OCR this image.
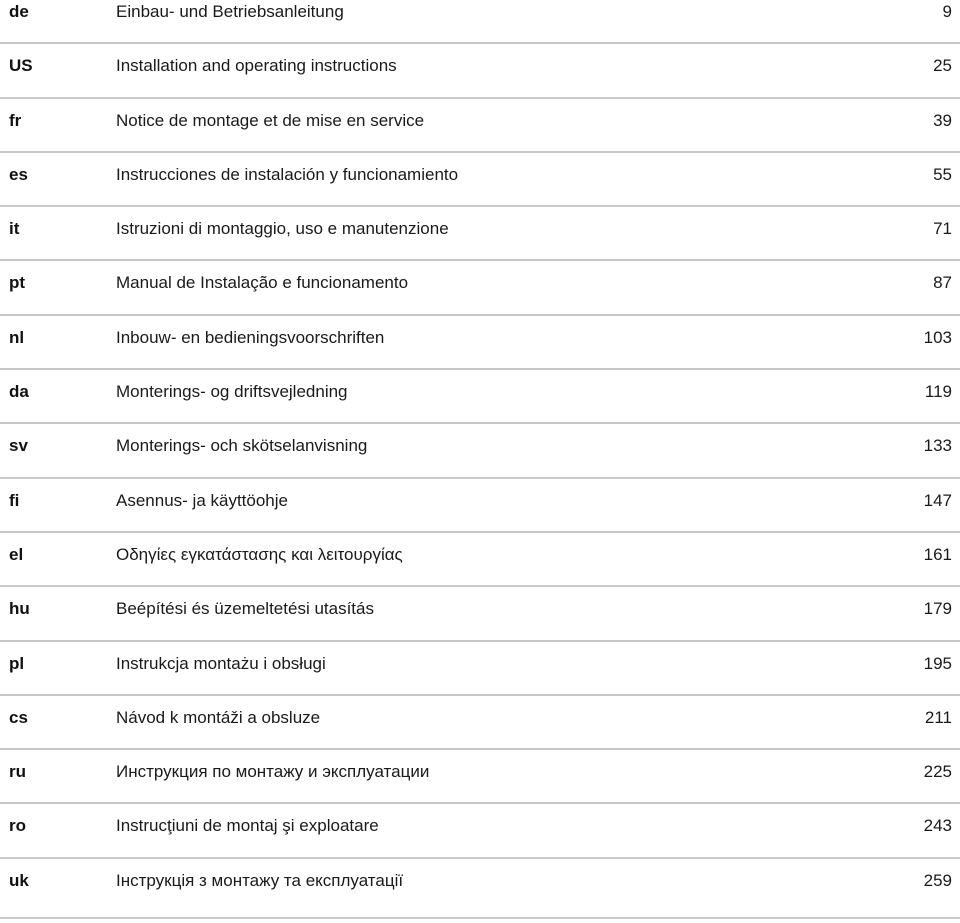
de	Einbau- und Betriebsanleitung	9
US	Installation and operating instructions	25
fr	Notice de montage et de mise en service	39
es	Instrucciones de instalación y funcionamiento	55
it	Istruzioni di montaggio, uso e manutenzione	71
pt	Manual de Instalação e funcionamento	87
nl	Inbouw- en bedieningsvoorschriften	103
da	Monterings- og driftsvejledning	119
sv	Monterings- och skötselanvisning	133
fi	Asennus- ja käyttöohje	147
el	Οδηγίες εγκατάστασης και λειτουργίας	161
hu	Beépítési és üzemeltetési utasítás	179
pl	Instrukcja montażu i obsługi	195
cs	Návod k montáži a obsluze	211
ru	Инструкция по монтажу и эксплуатации	225
ro	Instrucţiuni de montaj şi exploatare	243
uk	Інструкція з монтажу та експлуатації	259
